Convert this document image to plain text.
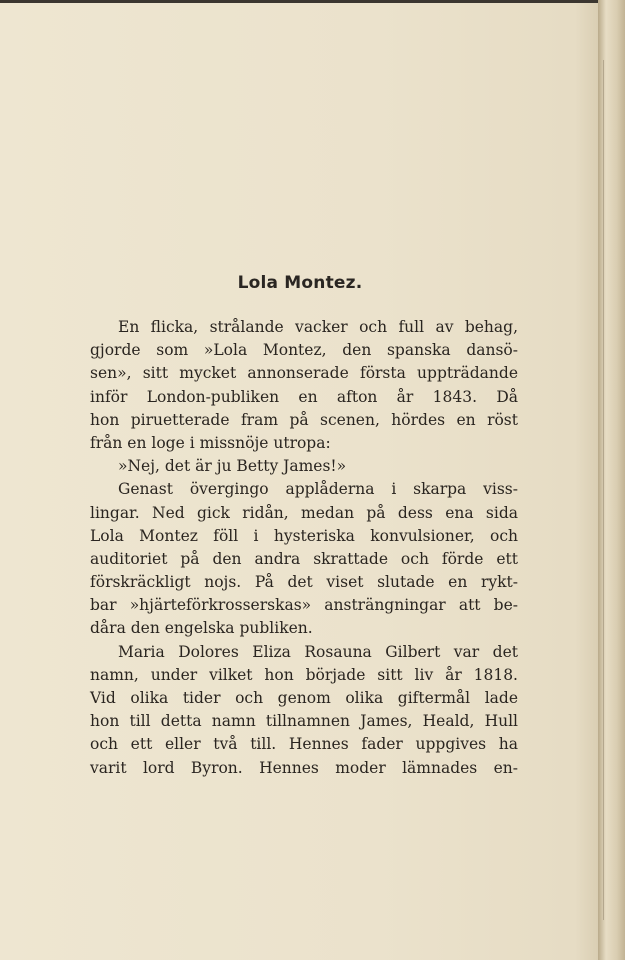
Lola Montez.
En flicka, strålande vacker och full av behag,
gjorde som »Lola Montez, den spanska dansö-
sen», sitt mycket annonserade första uppträdande
inför London-publiken en afton år 1843. Då
hon piruetterade fram på scenen, hördes en röst
från en loge i missnöje utropa:
»Nej, det är ju Betty James!»
Genast övergingo applåderna i skarpa viss-
lingar. Ned gick ridån, medan på dess ena sida
Lola Montez föll i hysteriska konvulsioner, och
auditoriet på den andra skrattade och förde ett
förskräckligt nojs. På det viset slutade en rykt-
bar »hjärteförkrosserskas» ansträngningar att be-
dåra den engelska publiken.
Maria Dolores Eliza Rosauna Gilbert var det
namn, under vilket hon började sitt liv år 1818.
Vid olika tider och genom olika giftermål lade
hon till detta namn tillnamnen James, Heald, Hull
och ett eller två till. Hennes fader uppgives ha
varit lord Byron. Hennes moder lämnades en-
